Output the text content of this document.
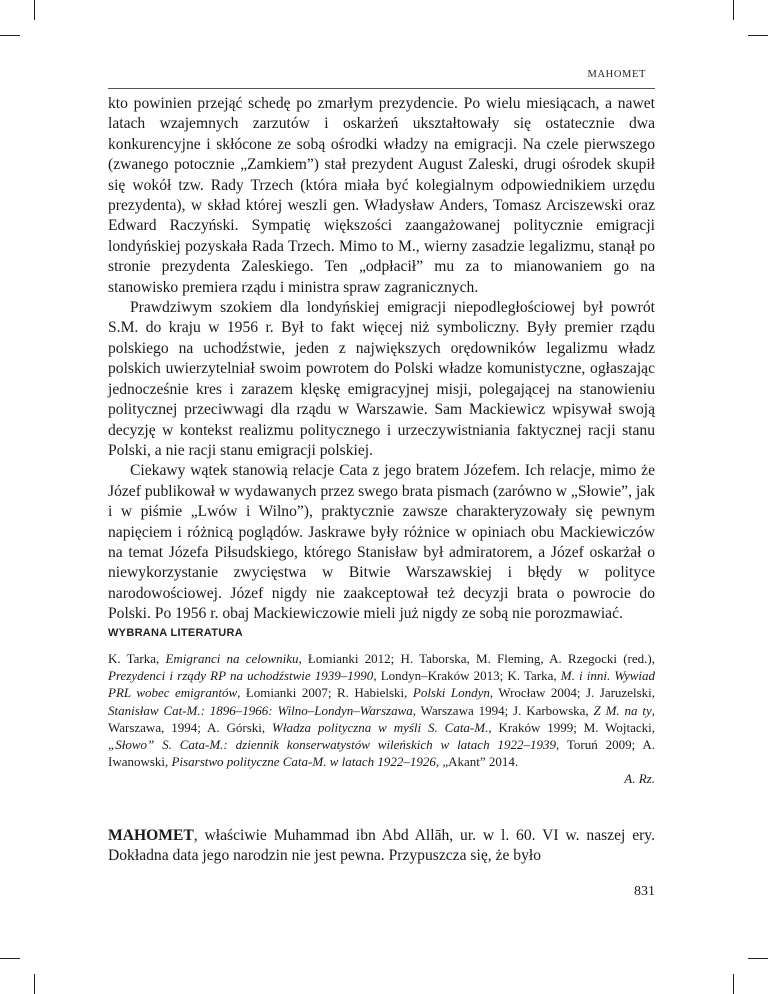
MAHOMET

kto powinien przejąć schedę po zmarłym prezydencie. Po wielu miesiącach, a nawet latach wzajemnych zarzutów i oskarżeń ukształtowały się ostatecznie dwa konkurencyjne i skłócone ze sobą ośrodki władzy na emigracji. Na czele pierwszego (zwanego potocznie „Zamkiem”) stał prezydent August Zaleski, drugi ośrodek skupił się wokół tzw. Rady Trzech (która miała być kolegialnym odpowiednikiem urzędu prezydenta), w skład której weszli gen. Władysław Anders, Tomasz Arciszewski oraz Edward Raczyński. Sympatię większości zaangażowanej politycznie emigracji londyńskiej pozyskała Rada Trzech. Mimo to M., wierny zasadzie legalizmu, stanął po stronie prezydenta Zaleskiego. Ten „odpłacił” mu za to mianowaniem go na stanowisko premiera rządu i ministra spraw zagranicznych.

Prawdziwym szokiem dla londyńskiej emigracji niepodległościowej był powrót S.M. do kraju w 1956 r. Był to fakt więcej niż symboliczny. Były premier rządu polskiego na uchodźstwie, jeden z największych orędowników legalizmu władz polskich uwierzytelniał swoim powrotem do Polski władze komunistyczne, ogłaszając jednocześnie kres i zarazem klęskę emigracyjnej misji, polegającej na stanowieniu politycznej przeciwwagi dla rządu w Warszawie. Sam Mackiewicz wpisywał swoją decyzję w kontekst realizmu politycznego i urzeczywistniania faktycznej racji stanu Polski, a nie racji stanu emigracji polskiej.

Ciekawy wątek stanowią relacje Cata z jego bratem Józefem. Ich relacje, mimo że Józef publikował w wydawanych przez swego brata pismach (zarówno w „Słowie”, jak i w piśmie „Lwów i Wilno”), praktycznie zawsze charakteryzowały się pewnym napięciem i różnicą poglądów. Jaskrawe były różnice w opiniach obu Mackiewiczów na temat Józefa Piłsudskiego, którego Stanisław był admiratorem, a Józef oskarżał o niewykorzystanie zwycięstwa w Bitwie Warszawskiej i błędy w polityce narodowościowej. Józef nigdy nie zaakceptował też decyzji brata o powrocie do Polski. Po 1956 r. obaj Mackiewiczowie mieli już nigdy ze sobą nie porozmawiać.

WYBRANA LITERATURA

K. Tarka, Emigranci na celowniku, Łomianki 2012; H. Taborska, M. Fleming, A. Rzegocki (red.), Prezydenci i rządy RP na uchodźstwie 1939–1990, Londyn–Kraków 2013; K. Tarka, M. i inni. Wywiad PRL wobec emigrantów, Łomianki 2007; R. Habielski, Polski Londyn, Wrocław 2004; J. Jaruzelski, Stanisław Cat-M.: 1896–1966: Wilno–Londyn–Warszawa, Warszawa 1994; J. Karbowska, Z M. na ty, Warszawa, 1994; A. Górski, Władza polityczna w myśli S. Cata-M., Kraków 1999; M. Wojtacki, „Słowo” S. Cata-M.: dziennik konserwatystów wileńskich w latach 1922–1939, Toruń 2009; A. Iwanowski, Pisarstwo polityczne Cata-M. w latach 1922–1926, „Akant” 2014.

A. Rz.

MAHOMET, właściwie Muhammad ibn Abd Allāh, ur. w l. 60. VI w. naszej ery. Dokładna data jego narodzin nie jest pewna. Przypuszcza się, że było

831
